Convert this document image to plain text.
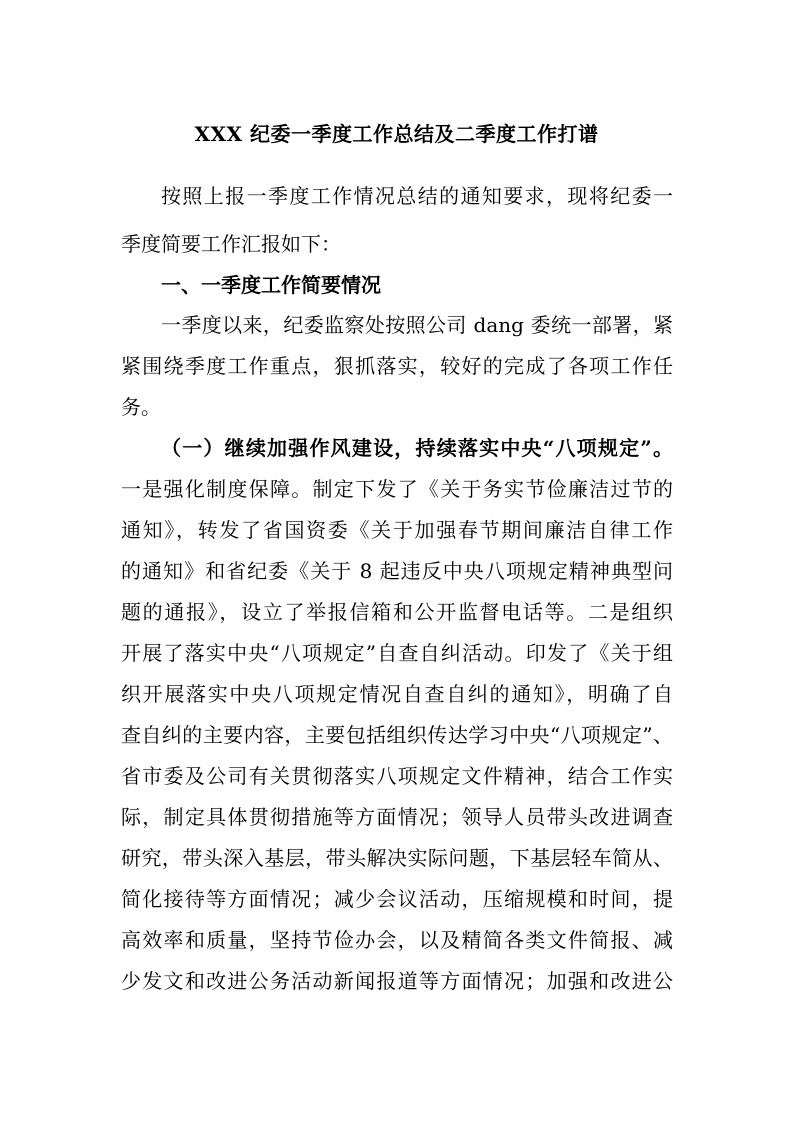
XXX 纪委一季度工作总结及二季度工作打谱
按照上报一季度工作情况总结的通知要求，现将纪委一
季度简要工作汇报如下：
一、一季度工作简要情况
一季度以来，纪委监察处按照公司 dang 委统一部署，紧
紧围绕季度工作重点，狠抓落实，较好的完成了各项工作任
务。
（一）继续加强作风建设，持续落实中央“八项规定”。
一是强化制度保障。制定下发了《关于务实节俭廉洁过节的
通知》，转发了省国资委《关于加强春节期间廉洁自律工作
的通知》和省纪委《关于 8 起违反中央八项规定精神典型问
题的通报》，设立了举报信箱和公开监督电话等。二是组织
开展了落实中央“八项规定”自查自纠活动。印发了《关于组
织开展落实中央八项规定情况自查自纠的通知》，明确了自
查自纠的主要内容，主要包括组织传达学习中央“八项规定”、
省市委及公司有关贯彻落实八项规定文件精神，结合工作实
际，制定具体贯彻措施等方面情况；领导人员带头改进调查
研究，带头深入基层，带头解决实际问题，下基层轻车简从、
简化接待等方面情况；减少会议活动，压缩规模和时间，提
高效率和质量，坚持节俭办会，以及精简各类文件简报、减
少发文和改进公务活动新闻报道等方面情况；加强和改进公
